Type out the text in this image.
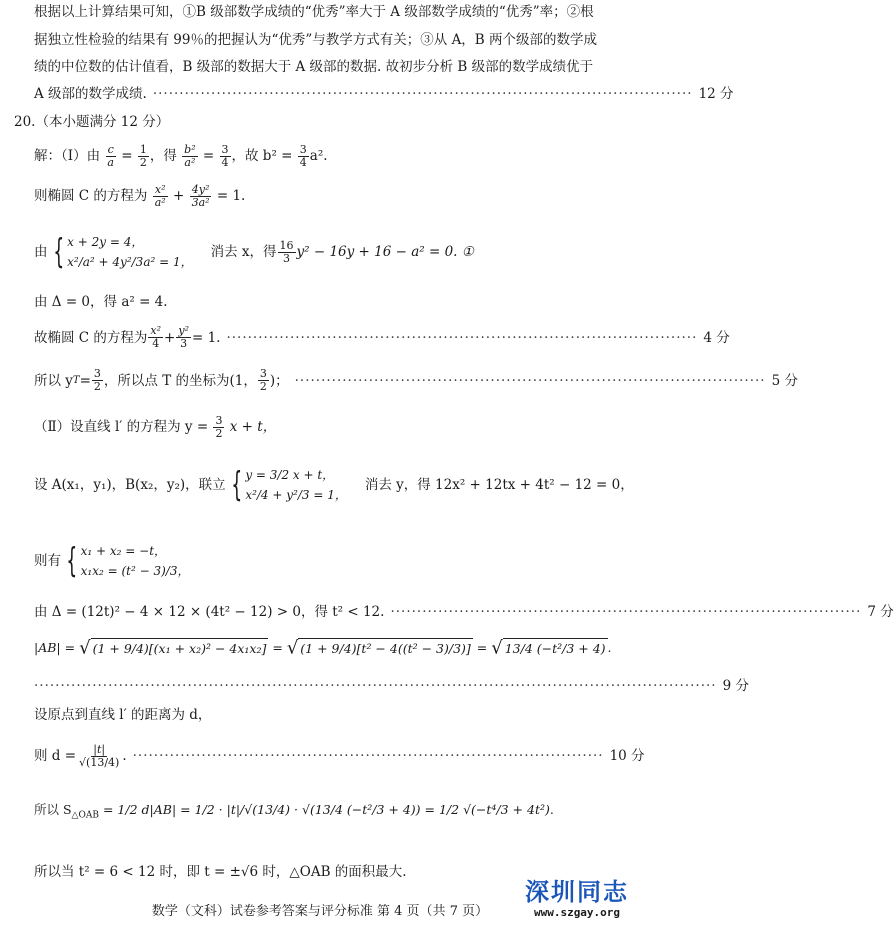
根据以上计算结果可知，①B 级部数学成绩的“优秀”率大于 A 级部数学成绩的“优秀”率；②根
据独立性检验的结果有 99％的把握认为“优秀”与教学方式有关；③从 A，B 两个级部的数学成
绩的中位数的估计值看，B 级部的数据大于 A 级部的数据. 故初步分析 B 级部的数学成绩优于
A 级部的数学成绩. ······································································································ 12 分
20.（本小题满分 12 分）
解：（Ⅰ）由 $\frac{c}{a} = \frac{1}{2}$ ，得 $\frac{\text{b²}}{\text{a²}} = \frac{3}{4}$ ，故 $b^2 = \frac{3}{4} a^2$.
则椭圆 C 的方程为 $\frac{\text{x²}}{\text{a²}} + \frac{\text{4y²}}{\text{3a²}} = 1$.
由 { x + 2y = 4，
x²/a² + 4y²/3a² = 1，
消去 x，得 $\frac{16}{3} y^2 - 16y + 16 - a^2 = 0$. ①
由 Δ = 0，得 a² = 4.
故椭圆 C 的方程为 $\frac{\text{x²}}{4} + \frac{\text{y²}}{3} = 1$. ························································································· 4 分
所以 y $T = \frac{3}{2}$ ，所以点 T 的坐标为 (1， $\frac{3}{2}$ )； ························································································· 5 分
（Ⅱ）设直线 l′ 的方程为 $y = \frac{3}{2}$ x + t，
设 A(x₁，y₁)，B(x₂，y₂)，联立 { y = 3/2 x + t，
x²/4 + y²/3 = 1，
消去 y，得 12x² + 12tx + 4t² − 12 = 0，
则有 { x₁ + x₂ = −t，
x₁x₂ = (t² − 3)/3，
由 Δ = (12t)² − 4 × 12 × (4t² − 12) > 0，得 t² < 12. ························································································· 7 分
|AB| = √ (1 + 9/4)[(x₁ + x₂)² − 4x₁x₂] = √ (1 + 9/4)[t² − 4((t² − 3)/3)] = √ 13/4 (−t²/3 + 4) .
································································································································· 9 分
设原点到直线 l′ 的距离为 d，
则 $d = \frac{|t|}{√(13/4)}$ . ························································································· 10 分
所以 $S_{\triangle OAB} = 1/2$ d|AB| = 1/2 · |t|/√(13/4) · √(13/4 (−t²/3 + 4)) = 1/2 √(−t⁴/3 + 4t²).
所以当 t² = 6 < 12 时，即 t = ±√6 时，△OAB 的面积最大.
数学（文科）试卷参考答案与评分标准 第 4 页（共 7 页）
深圳同志
www.szgay.org
